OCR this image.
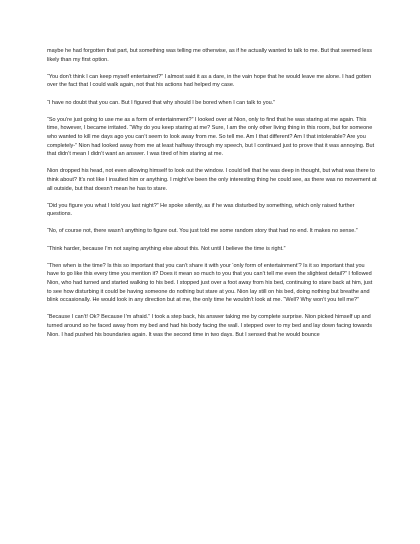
maybe he had forgotten that part, but something was telling me otherwise, as if he actually wanted to talk to me. But that seemed less likely than my first option.

“You don’t think I can keep myself entertained?” I almost said it as a dare, in the vain hope that he would leave me alone. I had gotten over the fact that I could walk again, not that his actions had helped my case.

“I have no doubt that you can. But I figured that why should I be bored when I can talk to you.”

“So you’re just going to use me as a form of entertainment?” I looked over at Nion, only to find that he was staring at me again. This time, however, I became irritated. “Why do you keep staring at me? Sure, I am the only other living thing in this room, but for someone who wanted to kill me days ago you can’t seem to look away from me. So tell me. Am I that different? Am I that intolerable? Are you completely-” Nion had looked away from me at least halfway through my speech, but I continued just to prove that it was annoying. But that didn’t mean I didn’t want an answer. I was tired of him staring at me.

Nion dropped his head, not even allowing himself to look out the window. I could tell that he was deep in thought, but what was there to think about? It’s not like I insulted him or anything. I might’ve been the only interesting thing he could see, as there was no movement at all outside, but that doesn’t mean he has to stare.

“Did you figure you what I told you last night?” He spoke silently, as if he was disturbed by something, which only raised further questions.

“No, of course not, there wasn’t anything to figure out. You just told me some random story that had no end. It makes no sense.”

“Think harder, because I’m not saying anything else about this. Not until I believe the time is right.”

“Then when is the time? Is this so important that you can’t share it with your ‘only form of entertainment’? Is it so important that you have to go like this every time you mention it? Does it mean so much to you that you can’t tell me even the slightest detail?” I followed Nion, who had turned and started walking to his bed. I stopped just over a foot away from his bed, continuing to stare back at him, just to see how disturbing it could be having someone do nothing but stare at you. Nion lay still on his bed, doing nothing but breathe and blink occasionally. He would look in any direction but at me, the only time he wouldn’t look at me. “Well? Why won’t you tell me?”

“Because I can’t! Ok? Because I’m afraid.” I took a step back, his answer taking me by complete surprise. Nion picked himself up and turned around so he faced away from my bed and had his body facing the wall. I stepped over to my bed and lay down facing towards Nion. I had pushed his boundaries again. It was the second time in two days. But I sensed that he would bounce
